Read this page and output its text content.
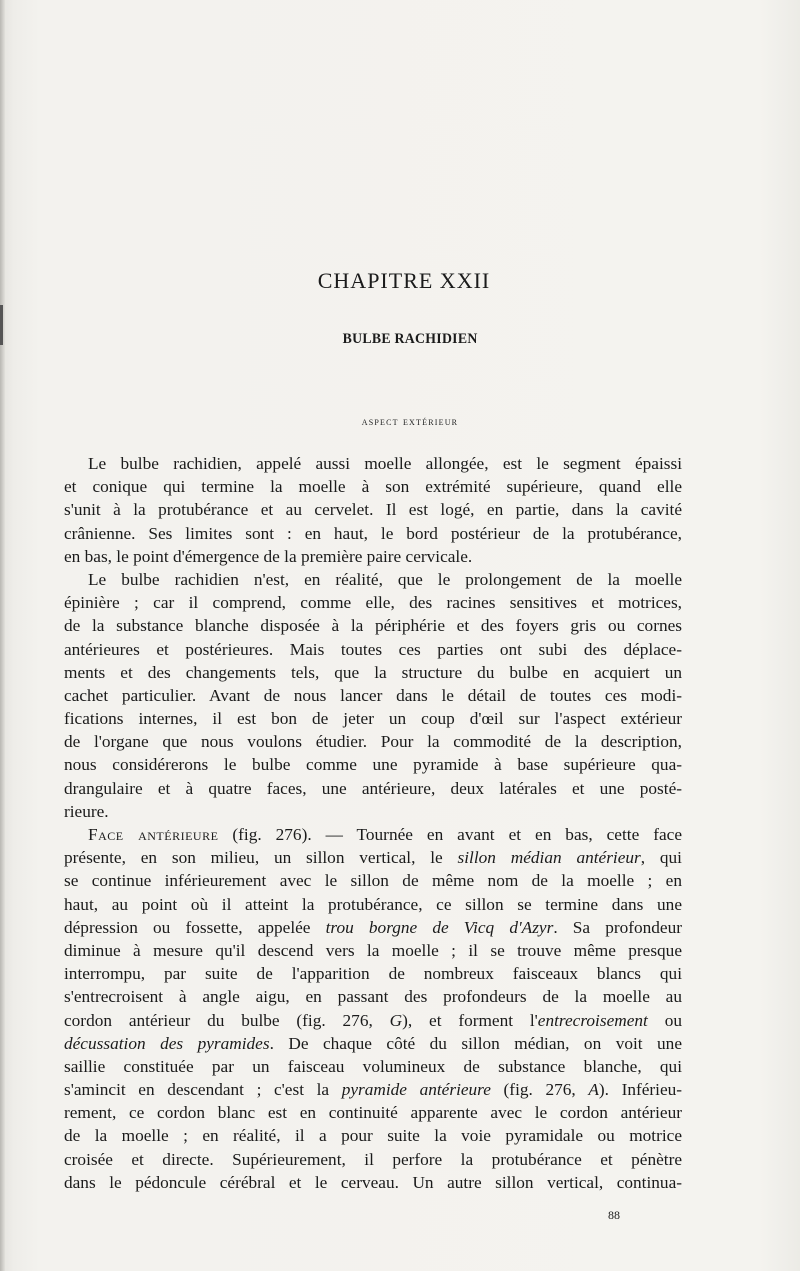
CHAPITRE XXII
BULBE RACHIDIEN
aspect extérieur
Le bulbe rachidien, appelé aussi moelle allongée, est le segment épaissi
et conique qui termine la moelle à son extrémité supérieure, quand elle
s'unit à la protubérance et au cervelet. Il est logé, en partie, dans la cavité
crânienne. Ses limites sont : en haut, le bord postérieur de la protubérance,
en bas, le point d'émergence de la première paire cervicale.
Le bulbe rachidien n'est, en réalité, que le prolongement de la moelle
épinière ; car il comprend, comme elle, des racines sensitives et motrices,
de la substance blanche disposée à la périphérie et des foyers gris ou cornes
antérieures et postérieures. Mais toutes ces parties ont subi des déplace-
ments et des changements tels, que la structure du bulbe en acquiert un
cachet particulier. Avant de nous lancer dans le détail de toutes ces modi-
fications internes, il est bon de jeter un coup d'œil sur l'aspect extérieur
de l'organe que nous voulons étudier. Pour la commodité de la description,
nous considérerons le bulbe comme une pyramide à base supérieure qua-
drangulaire et à quatre faces, une antérieure, deux latérales et une posté-
rieure.
Face antérieure (fig. 276). — Tournée en avant et en bas, cette face
présente, en son milieu, un sillon vertical, le sillon médian antérieur, qui
se continue inférieurement avec le sillon de même nom de la moelle ; en
haut, au point où il atteint la protubérance, ce sillon se termine dans une
dépression ou fossette, appelée trou borgne de Vicq d'Azyr. Sa profondeur
diminue à mesure qu'il descend vers la moelle ; il se trouve même presque
interrompu, par suite de l'apparition de nombreux faisceaux blancs qui
s'entrecroisent à angle aigu, en passant des profondeurs de la moelle au
cordon antérieur du bulbe (fig. 276, G), et forment l'entrecroisement ou
décussation des pyramides. De chaque côté du sillon médian, on voit une
saillie constituée par un faisceau volumineux de substance blanche, qui
s'amincit en descendant ; c'est la pyramide antérieure (fig. 276, A). Inférieu-
rement, ce cordon blanc est en continuité apparente avec le cordon antérieur
de la moelle ; en réalité, il a pour suite la voie pyramidale ou motrice
croisée et directe. Supérieurement, il perfore la protubérance et pénètre
dans le pédoncule cérébral et le cerveau. Un autre sillon vertical, continua-
88
